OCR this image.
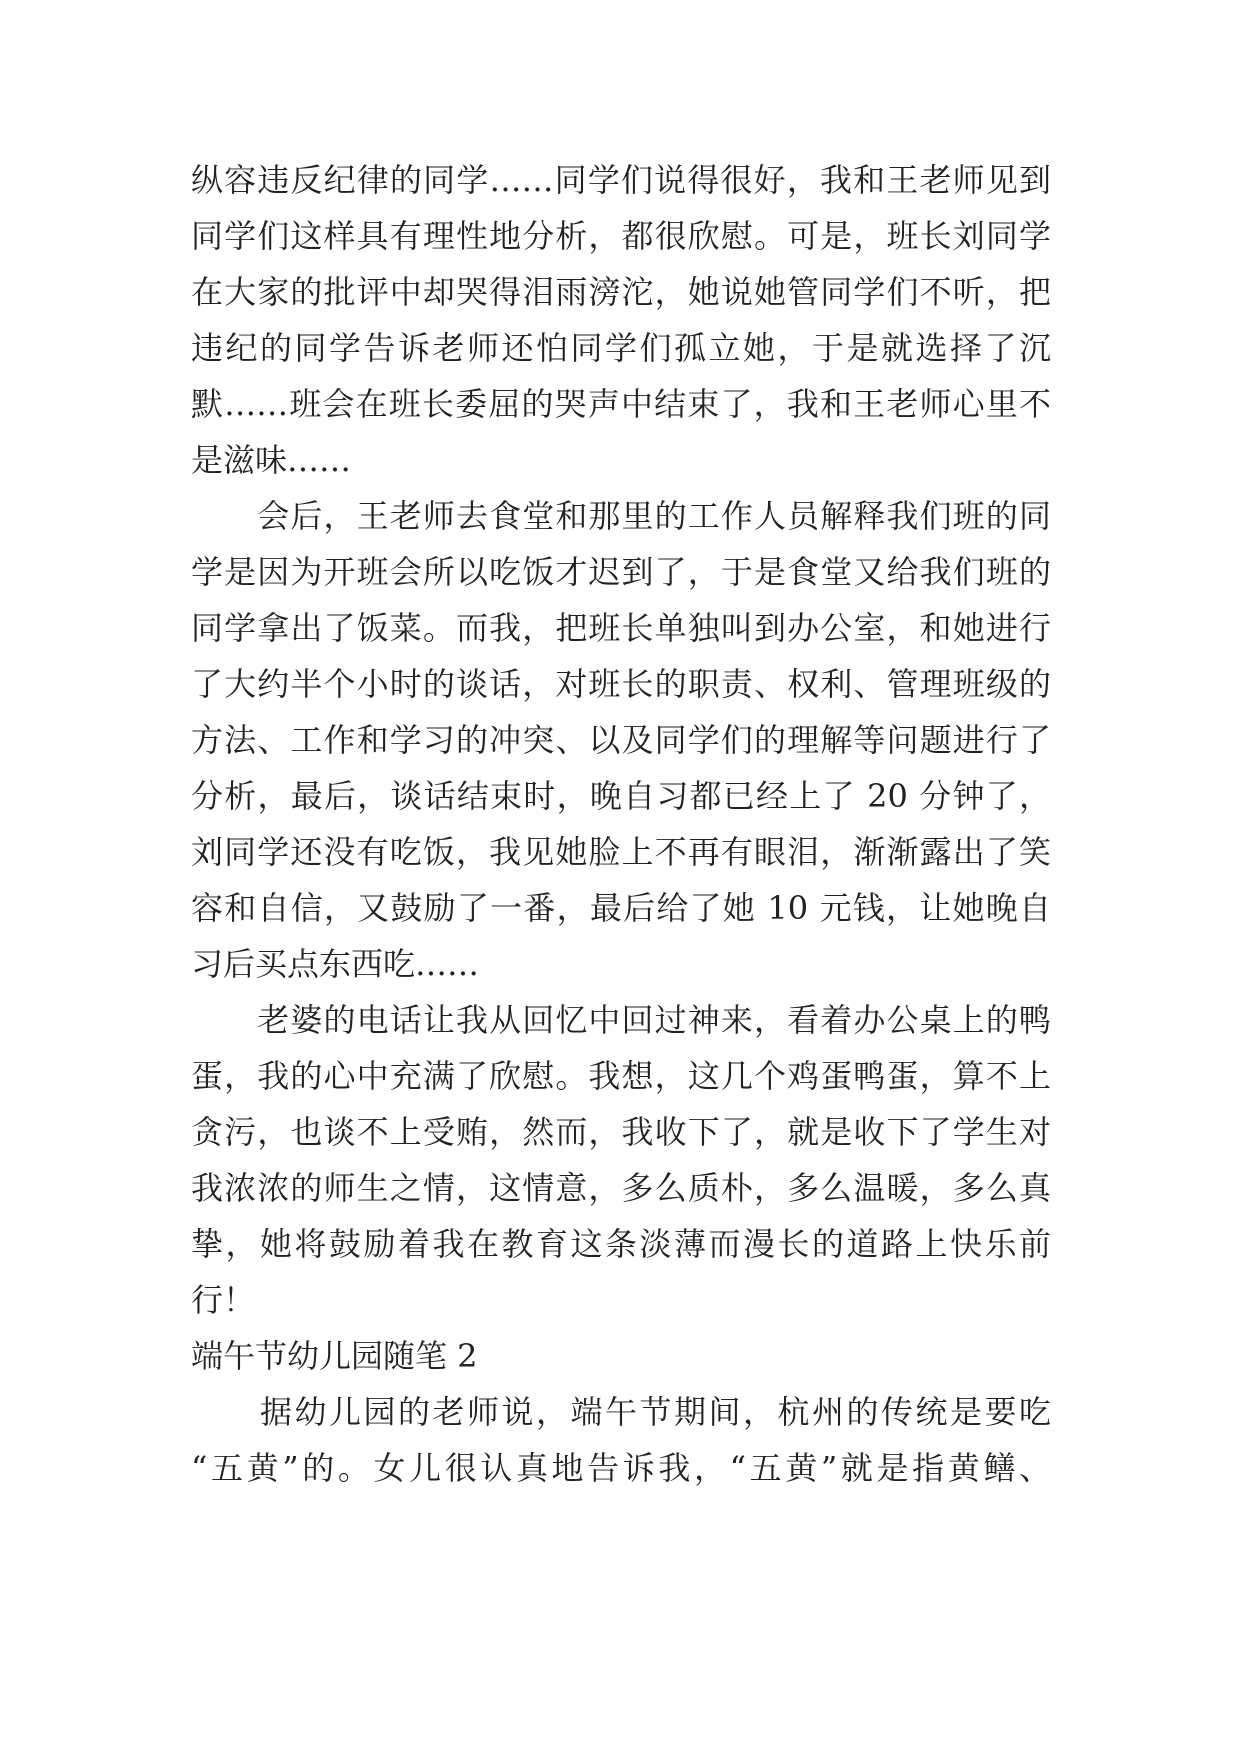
纵容违反纪律的同学……同学们说得很好，我和王老师见到
同学们这样具有理性地分析，都很欣慰。可是，班长刘同学
在大家的批评中却哭得泪雨滂沱，她说她管同学们不听，把
违纪的同学告诉老师还怕同学们孤立她，于是就选择了沉
默……班会在班长委屈的哭声中结束了，我和王老师心里不
是滋味……
　　会后，王老师去食堂和那里的工作人员解释我们班的同
学是因为开班会所以吃饭才迟到了，于是食堂又给我们班的
同学拿出了饭菜。而我，把班长单独叫到办公室，和她进行
了大约半个小时的谈话，对班长的职责、权利、管理班级的
方法、工作和学习的冲突、以及同学们的理解等问题进行了
分析，最后，谈话结束时，晚自习都已经上了 20 分钟了，
刘同学还没有吃饭，我见她脸上不再有眼泪，渐渐露出了笑
容和自信，又鼓励了一番，最后给了她 10 元钱，让她晚自
习后买点东西吃……
　　老婆的电话让我从回忆中回过神来，看着办公桌上的鸭
蛋，我的心中充满了欣慰。我想，这几个鸡蛋鸭蛋，算不上
贪污，也谈不上受贿，然而，我收下了，就是收下了学生对
我浓浓的师生之情，这情意，多么质朴，多么温暖，多么真
挚，她将鼓励着我在教育这条淡薄而漫长的道路上快乐前
行！
端午节幼儿园随笔 2
　　据幼儿园的老师说，端午节期间，杭州的传统是要吃
“五黄”的。女儿很认真地告诉我，“五黄”就是指黄鳝、
